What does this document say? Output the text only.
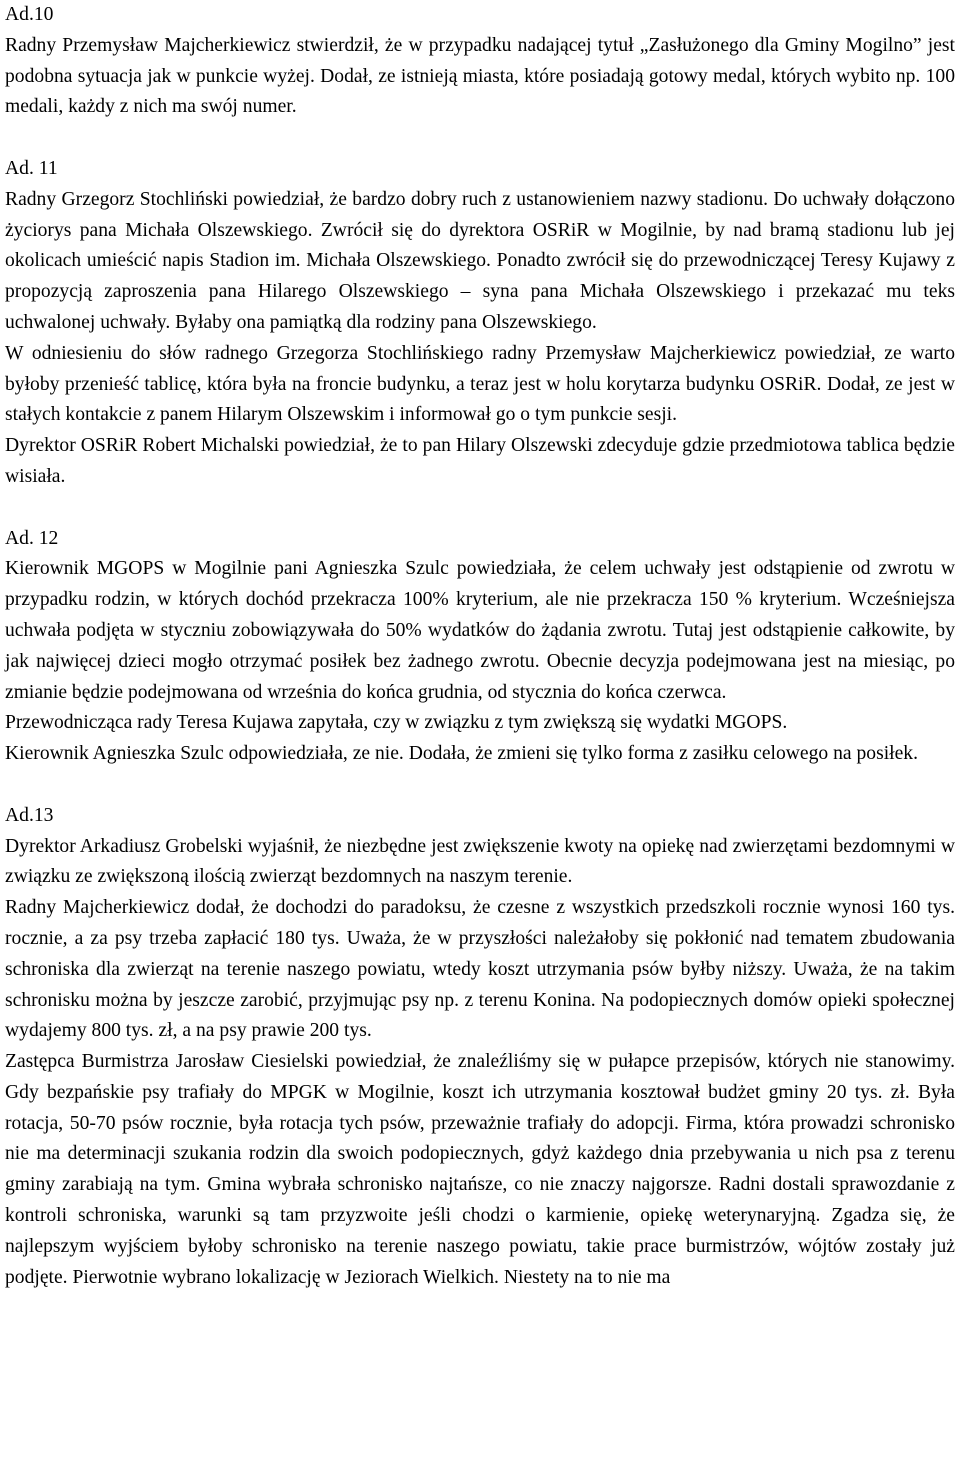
Ad.10

Radny Przemysław Majcherkiewicz stwierdził, że w przypadku nadającej tytuł „Zasłużonego dla Gminy Mogilno” jest podobna sytuacja jak w punkcie wyżej. Dodał, ze istnieją miasta, które posiadają gotowy medal, których wybito np. 100 medali, każdy z nich ma swój numer.

Ad. 11

Radny Grzegorz Stochliński powiedział, że bardzo dobry ruch z ustanowieniem nazwy stadionu. Do uchwały dołączono życiorys pana Michała Olszewskiego. Zwrócił się do dyrektora OSRiR w Mogilnie, by nad bramą stadionu lub jej okolicach umieścić napis Stadion im. Michała Olszewskiego. Ponadto zwrócił się do przewodniczącej Teresy Kujawy z propozycją zaproszenia pana Hilarego Olszewskiego – syna pana Michała Olszewskiego i przekazać mu teks uchwalonej uchwały. Byłaby ona pamiątką dla rodziny pana Olszewskiego.

W odniesieniu do słów radnego Grzegorza Stochlińskiego radny Przemysław Majcherkiewicz powiedział, ze warto byłoby przenieść tablicę, która była na froncie budynku, a teraz jest w holu korytarza budynku OSRiR. Dodał, ze jest w stałych kontakcie z panem Hilarym Olszewskim i informował go o tym punkcie sesji.

Dyrektor OSRiR Robert Michalski powiedział, że to pan Hilary Olszewski zdecyduje gdzie przedmiotowa tablica będzie wisiała.

Ad. 12

Kierownik MGOPS w Mogilnie pani Agnieszka Szulc powiedziała, że celem uchwały jest odstąpienie od zwrotu w przypadku rodzin, w których dochód przekracza 100% kryterium, ale nie przekracza 150 % kryterium. Wcześniejsza uchwała podjęta w styczniu zobowiązywała do 50% wydatków do żądania zwrotu. Tutaj jest odstąpienie całkowite, by jak najwięcej dzieci mogło otrzymać posiłek bez żadnego zwrotu. Obecnie decyzja podejmowana jest na miesiąc, po zmianie będzie podejmowana od września do końca grudnia, od stycznia do końca czerwca.

Przewodnicząca rady Teresa Kujawa zapytała, czy w związku z tym zwiększą się wydatki MGOPS.

Kierownik Agnieszka Szulc odpowiedziała, ze nie. Dodała, że zmieni się tylko forma z zasiłku celowego na posiłek.

Ad.13

Dyrektor Arkadiusz Grobelski wyjaśnił, że niezbędne jest zwiększenie kwoty na opiekę nad zwierzętami bezdomnymi w związku ze zwiększoną ilością zwierząt bezdomnych na naszym terenie.

Radny Majcherkiewicz dodał, że dochodzi do paradoksu, że czesne z wszystkich przedszkoli rocznie wynosi 160 tys. rocznie, a za psy trzeba zapłacić 180 tys. Uważa, że w przyszłości należałoby się pokłonić nad tematem zbudowania schroniska dla zwierząt na terenie naszego powiatu, wtedy koszt utrzymania psów byłby niższy. Uważa, że na takim schronisku można by jeszcze zarobić, przyjmując psy np. z terenu Konina. Na podopiecznych domów opieki społecznej wydajemy 800 tys. zł, a na psy prawie 200 tys.

Zastępca Burmistrza Jarosław Ciesielski powiedział, że znaleźliśmy się w pułapce przepisów, których nie stanowimy. Gdy bezpańskie psy trafiały do MPGK w Mogilnie, koszt ich utrzymania kosztował budżet gminy 20 tys. zł. Była rotacja, 50-70 psów rocznie, była rotacja tych psów, przeważnie trafiały do adopcji. Firma, która prowadzi schronisko nie ma determinacji szukania rodzin dla swoich podopiecznych, gdyż każdego dnia przebywania u nich psa z terenu gminy zarabiają na tym. Gmina wybrała schronisko najtańsze, co nie znaczy najgorsze. Radni dostali sprawozdanie z kontroli schroniska, warunki są tam przyzwoite jeśli chodzi o karmienie, opiekę weterynaryjną. Zgadza się, że najlepszym wyjściem byłoby schronisko na terenie naszego powiatu, takie prace burmistrzów, wójtów zostały już podjęte. Pierwotnie wybrano lokalizację w Jeziorach Wielkich. Niestety na to nie ma
